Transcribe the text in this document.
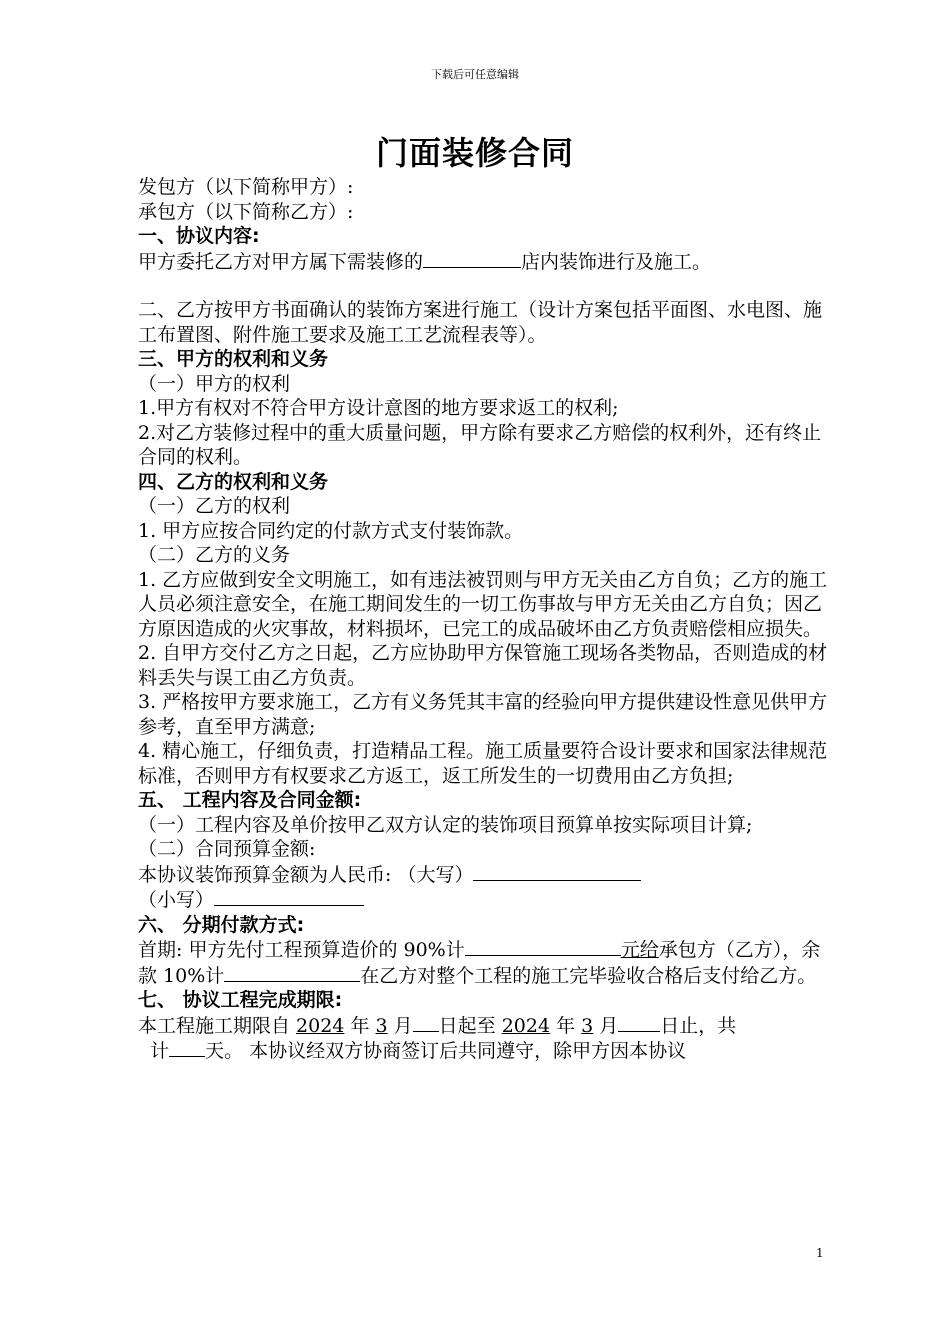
下载后可任意编辑
门面装修合同

发包方（以下简称甲方）:

承包方（以下简称乙方）:

一、协议内容:

甲方委托乙方对甲方属下需装修的	店内装饰进行及施工。

二、乙方按甲方书面确认的装饰方案进行施工（设计方案包括平面图、水电图、施工布置图、附件施工要求及施工工艺流程表等）。

三、甲方的权利和义务

（一）甲方的权利

1.甲方有权对不符合甲方设计意图的地方要求返工的权利;

2.对乙方装修过程中的重大质量问题，甲方除有要求乙方赔偿的权利外，还有终止合同的权利。

四、乙方的权利和义务

（一）乙方的权利

1. 甲方应按合同约定的付款方式支付装饰款。

（二）乙方的义务

1. 乙方应做到安全文明施工，如有违法被罚则与甲方无关由乙方自负；乙方的施工人员必须注意安全，在施工期间发生的一切工伤事故与甲方无关由乙方自负；因乙方原因造成的火灾事故，材料损坏，已完工的成品破坏由乙方负责赔偿相应损失。

2. 自甲方交付乙方之日起，乙方应协助甲方保管施工现场各类物品，否则造成的材料丢失与误工由乙方负责。

3. 严格按甲方要求施工，乙方有义务凭其丰富的经验向甲方提供建设性意见供甲方参考，直至甲方满意;

4. 精心施工，仔细负责，打造精品工程。施工质量要符合设计要求和国家法律规范标准，否则甲方有权要求乙方返工，返工所发生的一切费用由乙方负担;

五、 工程内容及合同金额:

（一）工程内容及单价按甲乙双方认定的装饰项目预算单按实际项目计算;

（二）合同预算金额:

本协议装饰预算金额为人民币: （大写）

（小写）

六、 分期付款方式:

首期: 甲方先付工程预算造价的 90%计	元给承包方（乙方），余款 10%计	在乙方对整个工程的施工完毕验收合格后支付给乙方。

七、 协议工程完成期限:

本工程施工期限自 2024 年 3 月 日起至 2024 年 3 月 日止，共
计 天。 本协议经双方协商签订后共同遵守，除甲方因本协议

1
